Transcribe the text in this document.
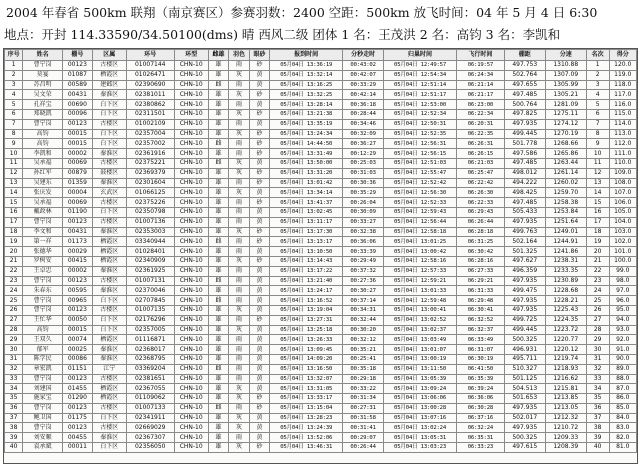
2004 年春省 500km 联翔（南京赛区）参赛羽数：2400 空距：500km 放飞时间：04 年 5 月 4 日 6:30
地点：开封 114.33590/34.50100(dms) 晴 西风二级 团体 1 名：王茂洪 2 名：高钧 3 名：李凯和
序号	姓名	棚号	区属	环号	环型	雌雄	羽色	眼砂	报到时间	分秒走时	归巢时间	飞行时间	棚距	分速	名次	得分
1	曹宁岗	00123	古楼区	01007144	CHN-10	雄	雨	砂	05月04日 13:36:19	00:43:02	05月04日 12:49:57	06:19:57	497.753	1310.88	1	120.0
2	莫宴	01087	栖霞区	01026471	CHN-10	雄	灰	黄	05月04日 13:32:14	00:42:07	05月04日 12:54:34	06:24:34	502.764	1307.09	2	119.0
3	苏昌明	00589	建邺区	02390690	CHN-10	雌	雨	黄	05月04日 13:16:25	00:33:29	05月04日 12:51:14	06:21:14	497.655	1305.99	3	118.0
4	吴文荣	00431	秦淮区	02381011	CHN-10	雄	灰	砂	05月04日 13:32:25	00:42:14	05月04日 12:51:17	06:21:17	497.485	1305.21	4	117.0
5	孔祥宝	00690	白下区	02380862	CHN-10	雄	雨	黄	05月04日 13:28:14	00:36:18	05月04日 12:53:00	06:23:00	500.764	1281.09	5	116.0
6	郑晓凯	00096	白下区	02311501	CHN-10	雄	灰	砂	05月04日 13:21:38	00:28:44	05月04日 12:52:34	06:22:34	497.825	1275.11	6	115.0
7	曹宁岗	00123	古楼区	01002109	CHN-10	雄	雨	黄	05月04日 13:35:19	00:34:46	05月04日 12:50:31	06:20:31	497.935	1274.12	7	114.0
8	高钧	00015	白下区	02357004	CHN-10	雄	灰	砂	05月04日 13:24:34	00:32:09	05月04日 12:52:35	06:22:35	499.445	1270.19	8	113.0
9	高钧	00015	白下区	02357002	CHN-10	雌	雨	砂	05月04日 14:44:50	00:36:27	05月04日 12:56:31	06:26:31	501.778	1268.66	9	112.0
10	李凯和	00002	秦淮区	02361916	CHN-10	雄	雨	砂	05月04日 13:31:49	00:12:29	05月04日 12:56:15	06:26:15	497.586	1265.86	10	111.0
11	吴承福	00069	古楼区	02375221	CHN-10	雌	灰	黄	05月04日 13:50:00	00:25:03	05月04日 12:51:03	06:21:03	497.485	1263.44	11	110.0
12	孙红军	00879	鼓楼区	02369379	CHN-10	雄	灰	砂	05月04日 13:31:20	00:31:03	05月04日 12:55:47	06:25:47	498.012	1261.14	12	109.0
13	吴建东	01359	秦淮区	02301604	CHN-10	雄	雨	砂	05月04日 13:01:42	00:30:36	05月04日 12:52:42	06:22:42	494.222	1260.02	13	108.0
14	张庆发	00004	玄武区	01066125	CHN-10	雄	灰	黄	05月04日 13:34:14	00:35:29	05月04日 12:56:30	06:26:30	498.425	1259.70	14	107.0
15	吴承福	00069	古楼区	02375226	CHN-10	雄	雨	砂	05月04日 13:41:37	00:26:04	05月04日 12:52:33	06:22:33	497.485	1258.38	15	106.0
16	戴政林	01190	白下区	02350798	CHN-10	雄	雨	黄	05月04日 13:02:45	00:30:09	05月04日 12:59:43	06:29:43	505.433	1253.84	16	105.0
17	曹宁岗	00123	古楼区	01007136	CHN-10	雄	雨	黄	05月04日 13:11:17	00:33:27	05月04日 12:56:44	06:26:44	497.935	1251.64	17	104.0
18	李文和	00431	秦淮区	02353003	CHN-10	雄	灰	砂	05月04日 13:17:30	00:32:38	05月04日 12:58:18	06:28:18	499.763	1249.01	18	103.0
19	第一祥	01173	栖霞区	03340944	CHN-10	雌	雨	砂	05月04日 13:13:17	00:36:06	05月04日 13:01:25	06:31:25	502.164	1244.91	19	102.0
20	张德华	00029	栖霞区	01028401	CHN-10	雄	雨	黄	05月04日 13:10:50	00:33:39	05月04日 13:00:42	06:30:42	501.325	1241.86	20	101.0
21	罗树安	00415	栖霞区	02340909	CHN-10	雄	灰	砂	05月04日 13:14:43	00:29:49	05月04日 12:58:16	06:28:16	497.627	1238.31	21	100.0
22	王卓忠	00002	秦淮区	02361925	CHN-10	雄	雨	黄	05月04日 13:17:22	00:37:32	05月04日 12:57:33	06:27:33	496.359	1233.35	22	99.0
23	曹宁岗	00123	古楼区	01007131	CHN-10	雌	雨	黄	05月04日 13:21:40	00:27:36	05月04日 12:59:21	06:29:21	497.935	1230.89	23	98.0
24	朱春东	00595	秦淮区	02370046	CHN-10	雄	雨	黄	05月04日 13:24:17	00:30:27	05月04日 13:01:33	06:31:33	499.475	1228.68	24	97.0
25	曹宁岗	00965	白下区	02707845	CHN-10	雌	雨	黄	05月04日 13:16:52	00:37:14	05月04日 12:59:48	06:29:48	497.935	1228.21	25	96.0
26	曹宁岗	00123	古楼区	01007135	CHN-10	雄	灰	黄	05月04日 13:19:04	00:34:31	05月04日 13:00:41	06:30:41	497.935	1225.43	26	95.0
27	王忙华	00050	白下区	02176296	CHN-10	雄	雨	砂	05月04日 13:27:31	00:32:44	05月04日 13:02:52	06:32:52	499.725	1224.35	27	94.0
28	高钧	00015	白下区	02357005	CHN-10	雄	灰	黄	05月04日 13:25:18	00:30:20	05月04日 13:02:37	06:32:37	499.445	1223.72	28	93.0
29	王双久	00074	栖霞区	01116871	CHN-10	雄	雨	黄	05月04日 13:26:33	00:32:12	05月04日 13:03:49	06:33:49	500.325	1220.77	29	92.0
30	郁军	00025	秦淮区	02368017	CHN-10	雄	雨	黄	05月04日 13:09:45	00:35:21	05月04日 13:01:07	06:31:07	496.931	1220.12	30	91.0
31	陈学民	00086	秦淮区	02368795	CHN-10	雄	雨	黄	05月04日 14:09:20	00:25:41	05月04日 13:00:19	06:30:19	495.711	1219.74	31	90.0
32	章宏凯	01151	江宁	03369204	CHN-10	雌	雨	黄	05月04日 13:16:50	00:35:18	05月04日 13:11:50	06:41:50	510.327	1218.93	32	89.0
33	曹宁岗	00123	古楼区	02381651	CHN-10	雄	雨	黄	05月04日 13:32:07	00:29:18	05月04日 13:05:39	06:35:39	501.125	1216.62	33	88.0
34	刘建国	01455	栖霞区	02367055	CHN-10	雄	灰	黄	05月04日 13:31:05	00:33:22	05月04日 13:09:24	06:39:24	504.513	1215.81	34	87.0
35	施家宝	01290	栖霞区	01109062	CHN-10	雄	灰	砂	05月04日 13:33:17	00:31:34	05月04日 13:06:06	06:36:06	501.653	1213.85	35	86.0
36	曹宁岗	00123	古楼区	01007133	CHN-10	雌	雨	砂	05月04日 13:15:04	00:27:31	05月04日 13:00:28	06:30:28	497.935	1213.05	36	85.0
37	鲍卫国	01175	白下区	02341911	CHN-10	雄	灰	黄	05月04日 13:28:23	00:31:58	05月04日 13:07:16	06:37:16	502.017	1212.32	37	84.0
38	曹宁岗	00123	古楼区	02669029	CHN-10	雄	灰	黄	05月04日 13:24:39	00:31:41	05月04日 13:02:24	06:32:24	497.935	1210.72	38	83.0
39	刘安顺	00455	秦淮区	02367307	CHN-10	雄	雨	黄	05月04日 13:52:06	00:29:07	05月04日 13:05:31	06:35:31	500.325	1209.33	39	82.0
40	袁承斌	00011	白下区	02356050	CHN-10	雄	灰	砂	05月04日 13:46:31	00:26:44	05月04日 13:03:23	06:33:23	497.615	1208.39	40	81.0
